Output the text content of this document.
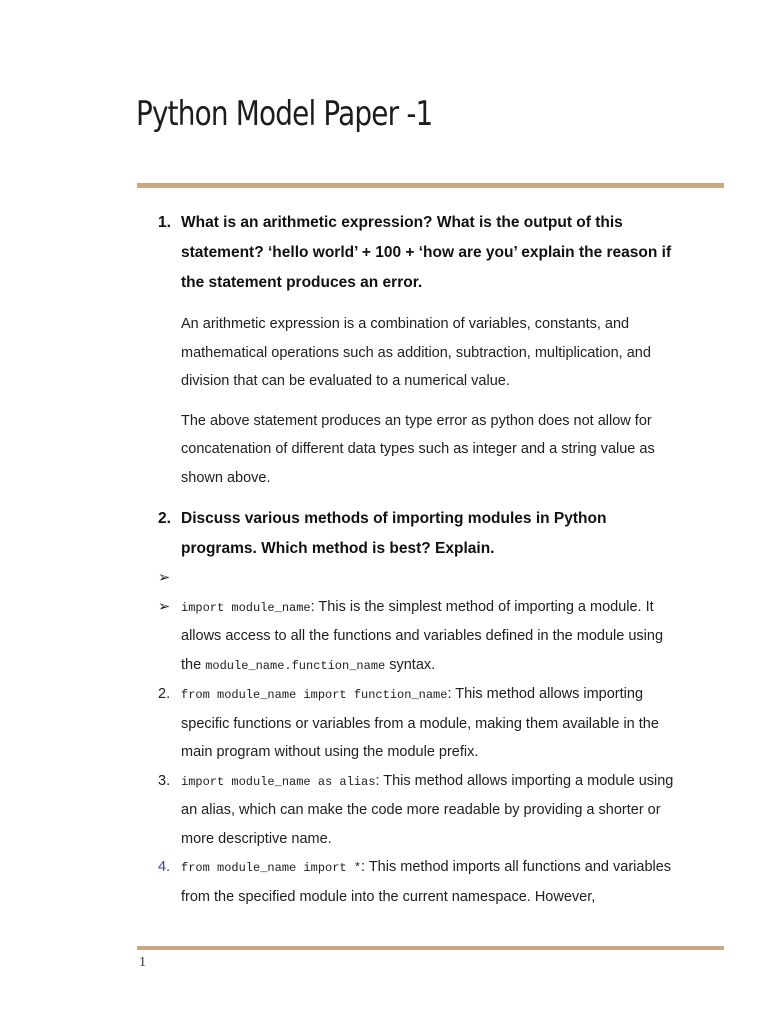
Python Model Paper -1

1. What is an arithmetic expression? What is the output of this statement? ‘hello world’ + 100 + ‘how are you’ explain the reason if the statement produces an error.

An arithmetic expression is a combination of variables, constants, and mathematical operations such as addition, subtraction, multiplication, and division that can be evaluated to a numerical value.

The above statement produces an type error as python does not allow for concatenation of different data types such as integer and a string value as shown above.

2. Discuss various methods of importing modules in Python programs. Which method is best? Explain.

➢

➢ import module_name: This is the simplest method of importing a module. It allows access to all the functions and variables defined in the module using the module_name.function_name syntax.

2. from module_name import function_name: This method allows importing specific functions or variables from a module, making them available in the main program without using the module prefix.

3. import module_name as alias: This method allows importing a module using an alias, which can make the code more readable by providing a shorter or more descriptive name.

4. from module_name import *: This method imports all functions and variables from the specified module into the current namespace. However,

1
